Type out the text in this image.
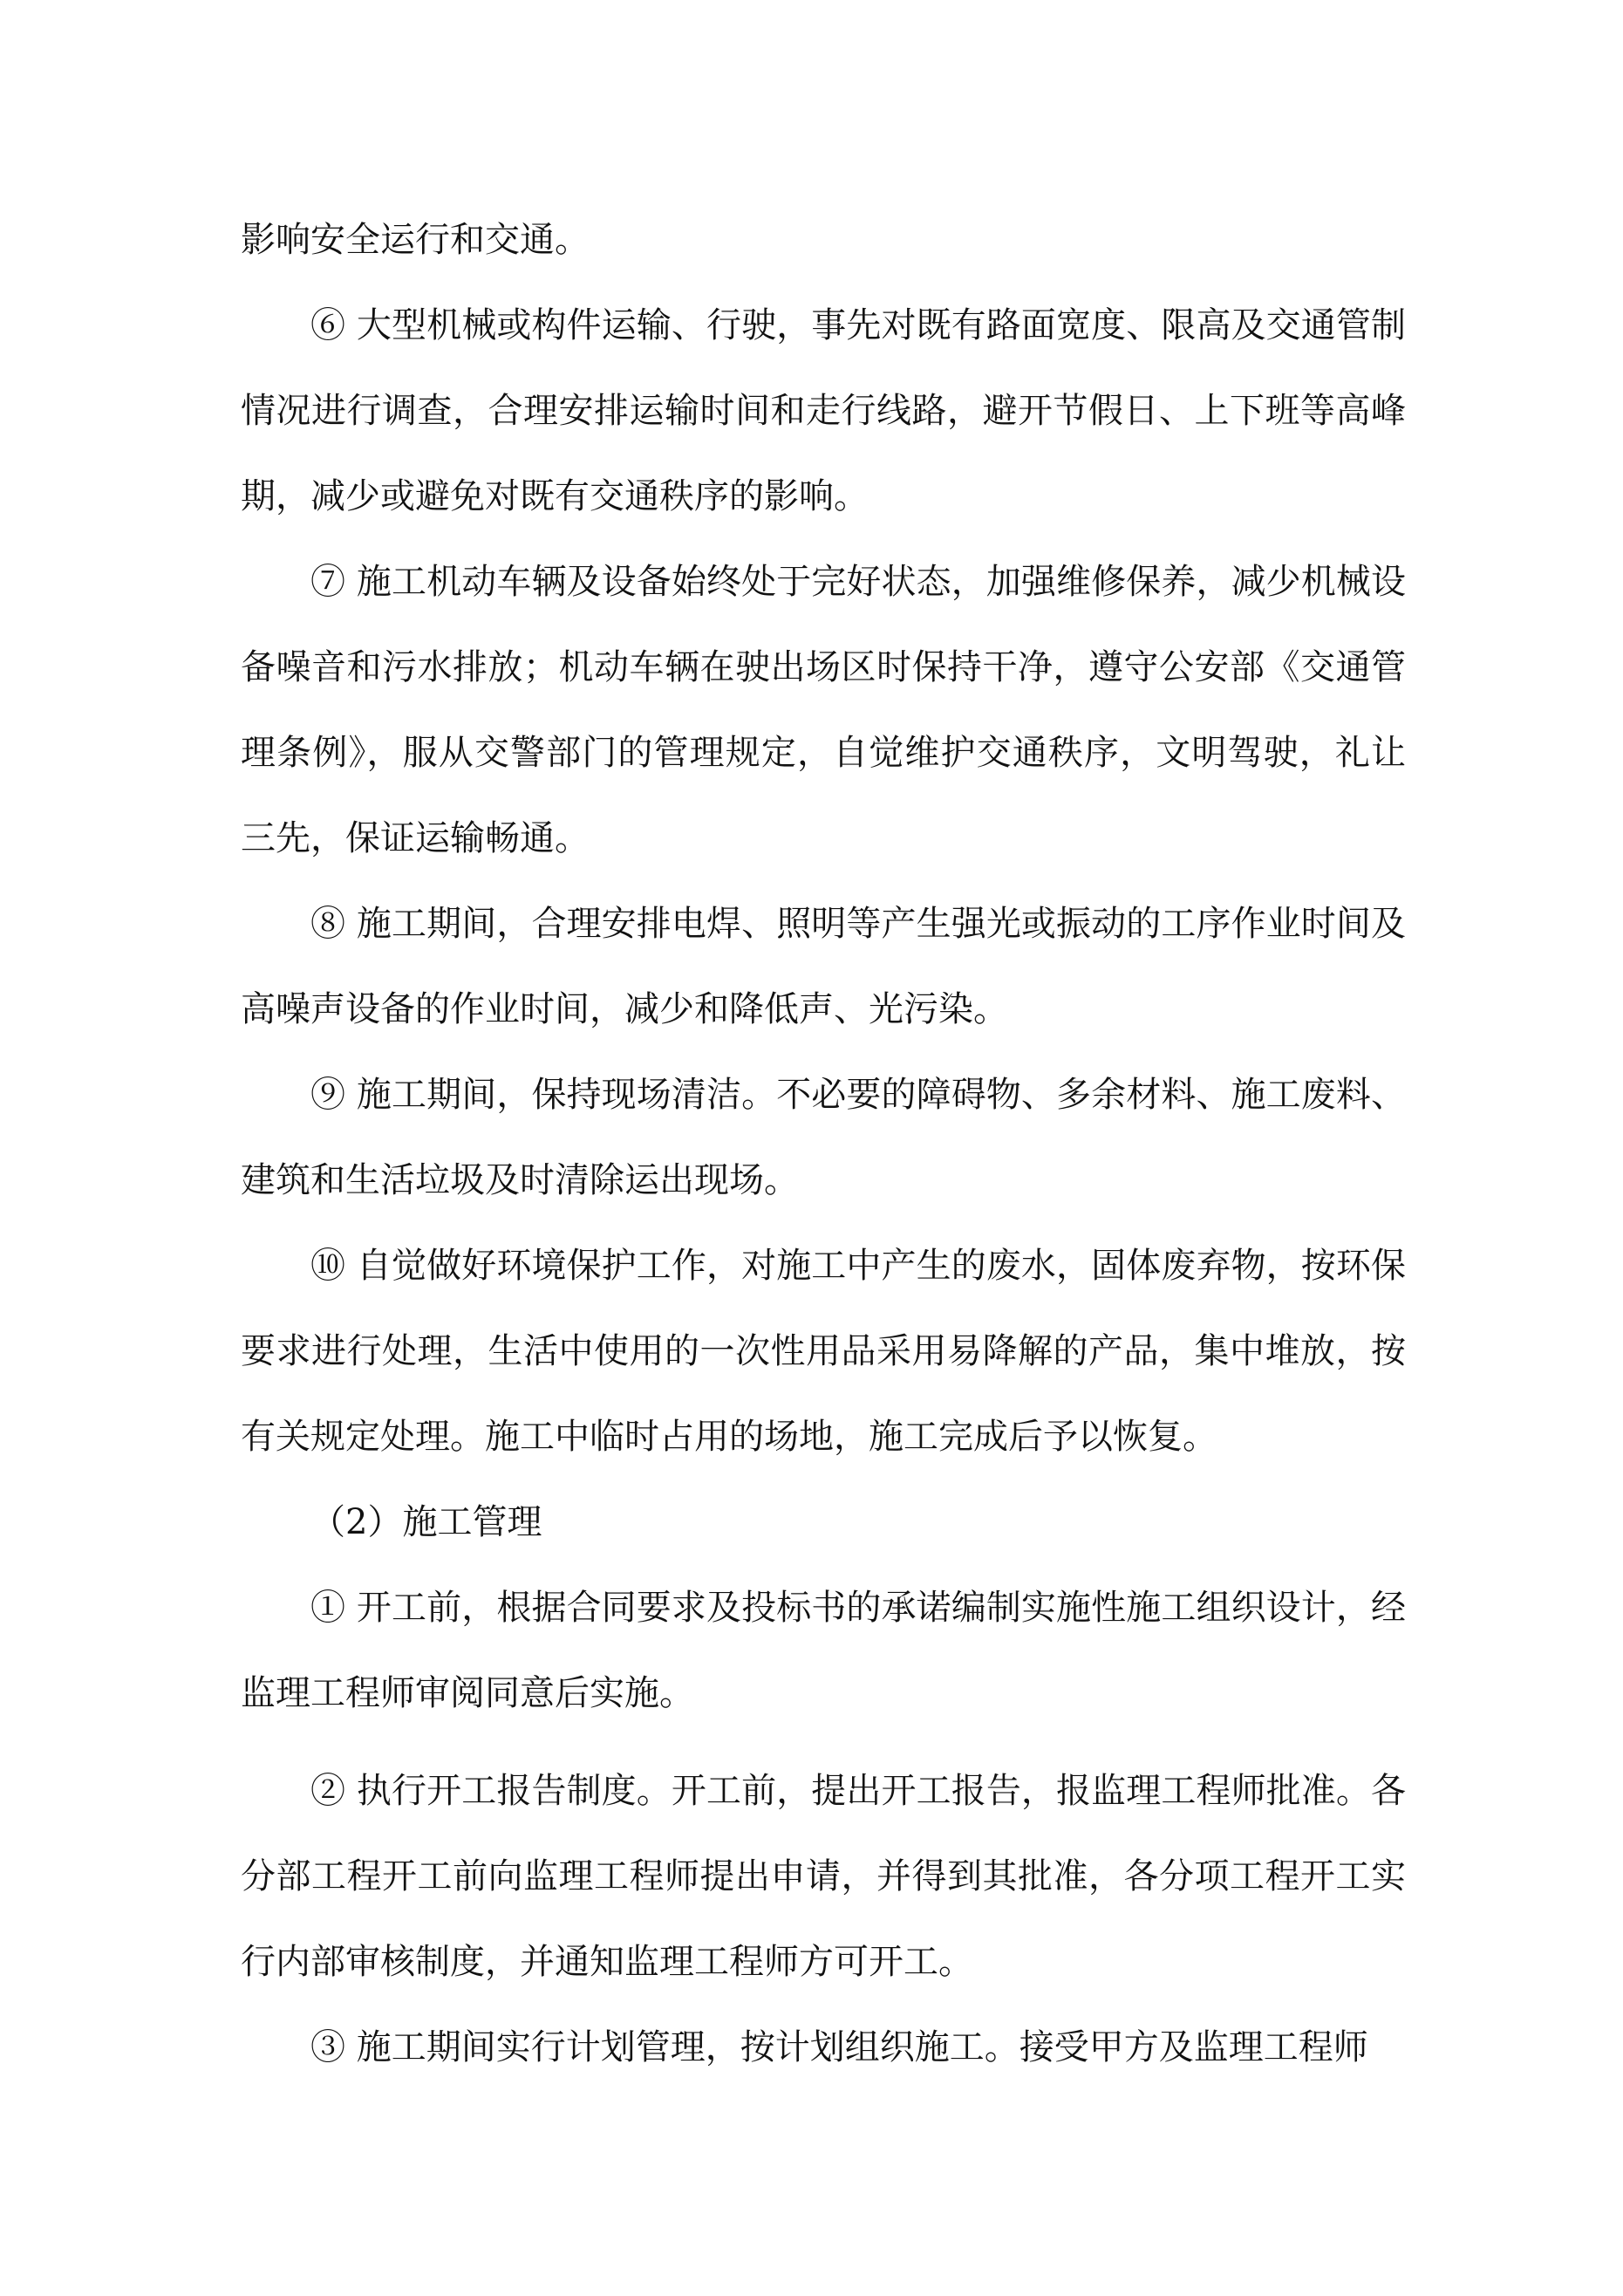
影响安全运行和交通。

⑥ 大型机械或构件运输、行驶，事先对既有路面宽度、限高及交通管制情况进行调查，合理安排运输时间和走行线路，避开节假日、上下班等高峰期，减少或避免对既有交通秩序的影响。

⑦ 施工机动车辆及设备始终处于完好状态，加强维修保养，减少机械设备噪音和污水排放；机动车辆在驶出场区时保持干净，遵守公安部《交通管理条例》，服从交警部门的管理规定，自觉维护交通秩序，文明驾驶，礼让三先，保证运输畅通。

⑧ 施工期间，合理安排电焊、照明等产生强光或振动的工序作业时间及高噪声设备的作业时间，减少和降低声、光污染。

⑨ 施工期间，保持现场清洁。不必要的障碍物、多余材料、施工废料、建筑和生活垃圾及时清除运出现场。

⑩ 自觉做好环境保护工作，对施工中产生的废水，固体废弃物，按环保要求进行处理，生活中使用的一次性用品采用易降解的产品，集中堆放，按有关规定处理。施工中临时占用的场地，施工完成后予以恢复。

（2）施工管理

① 开工前，根据合同要求及投标书的承诺编制实施性施工组织设计，经监理工程师审阅同意后实施。

② 执行开工报告制度。开工前，提出开工报告，报监理工程师批准。各分部工程开工前向监理工程师提出申请，并得到其批准，各分项工程开工实行内部审核制度，并通知监理工程师方可开工。

③ 施工期间实行计划管理，按计划组织施工。接受甲方及监理工程师
